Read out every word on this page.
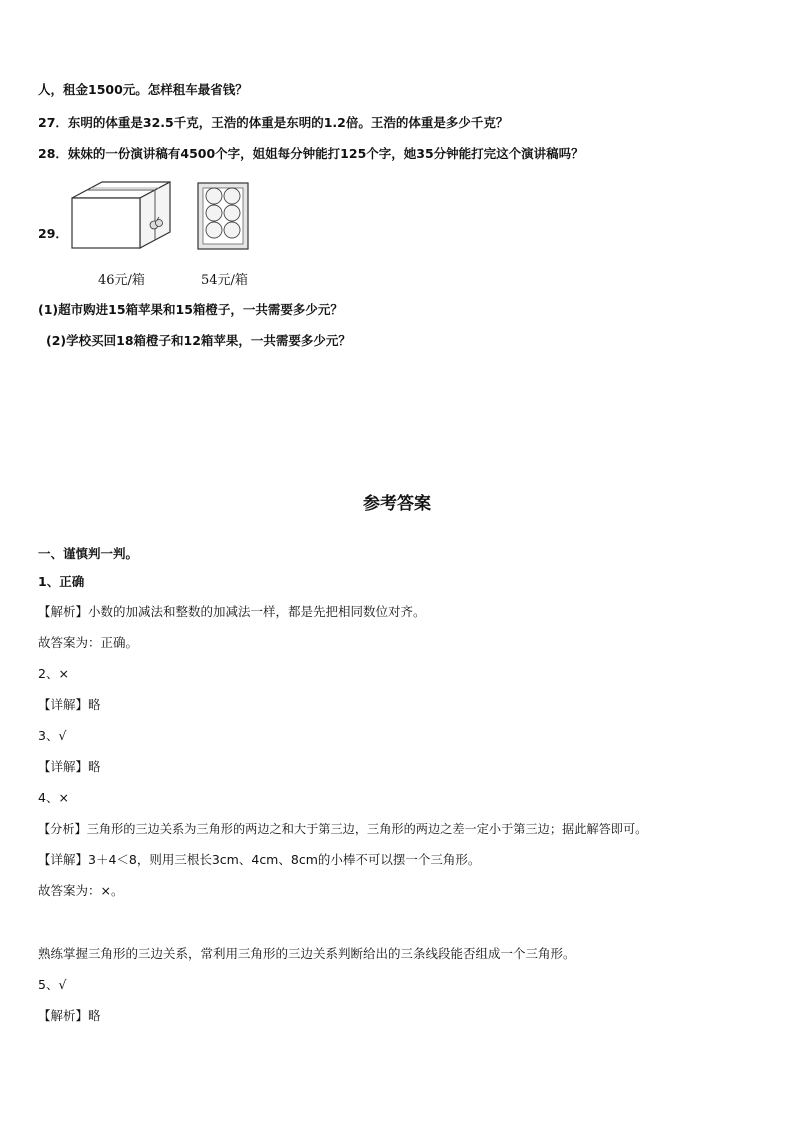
人，租金1500元。怎样租车最省钱？
27．东明的体重是32.5千克，王浩的体重是东明的1.2倍。王浩的体重是多少千克？
28．妹妹的一份演讲稿有4500个字，姐姐每分钟能打125个字，她35分钟能打完这个演讲稿吗？
29．
46元/箱	54元/箱
(1)超市购进15箱苹果和15箱橙子，一共需要多少元？
(2)学校买回18箱橙子和12箱苹果，一共需要多少元？
参考答案
一、谨慎判一判。
1、正确
【解析】小数的加减法和整数的加减法一样，都是先把相同数位对齐。
故答案为：正确。
2、×
【详解】略
3、√
【详解】略
4、×
【分析】三角形的三边关系为三角形的两边之和大于第三边，三角形的两边之差一定小于第三边；据此解答即可。
【详解】3＋4＜8，则用三根长3cm、4cm、8cm的小棒不可以摆一个三角形。
故答案为：×。
熟练掌握三角形的三边关系，常利用三角形的三边关系判断给出的三条线段能否组成一个三角形。
5、√
【解析】略
